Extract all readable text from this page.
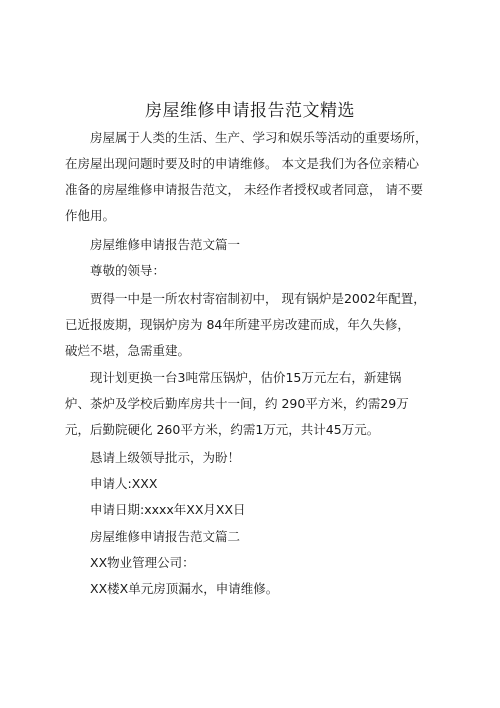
房屋维修申请报告范文精选

房屋属于人类的生活、生产、学习和娱乐等活动的重要场所，

在房屋出现问题时要及时的申请维修。 本文是我们为各位亲精心

准备的房屋维修申请报告范文， 未经作者授权或者同意， 请不要

作他用。

房屋维修申请报告范文篇一

尊敬的领导：

贾得一中是一所农村寄宿制初中， 现有锅炉是2002年配置，

已近报废期，现锅炉房为 84年所建平房改建而成，年久失修，

破烂不堪，急需重建。

现计划更换一台3吨常压锅炉，估价15万元左右，新建锅

炉、茶炉及学校后勤库房共十一间，约 290平方米，约需29万

元，后勤院硬化 260平方米，约需1万元，共计45万元。

恳请上级领导批示，为盼！

申请人:XXX

申请日期:xxxx年XX月XX日

房屋维修申请报告范文篇二

XX物业管理公司：

XX楼X单元房顶漏水，申请维修。
